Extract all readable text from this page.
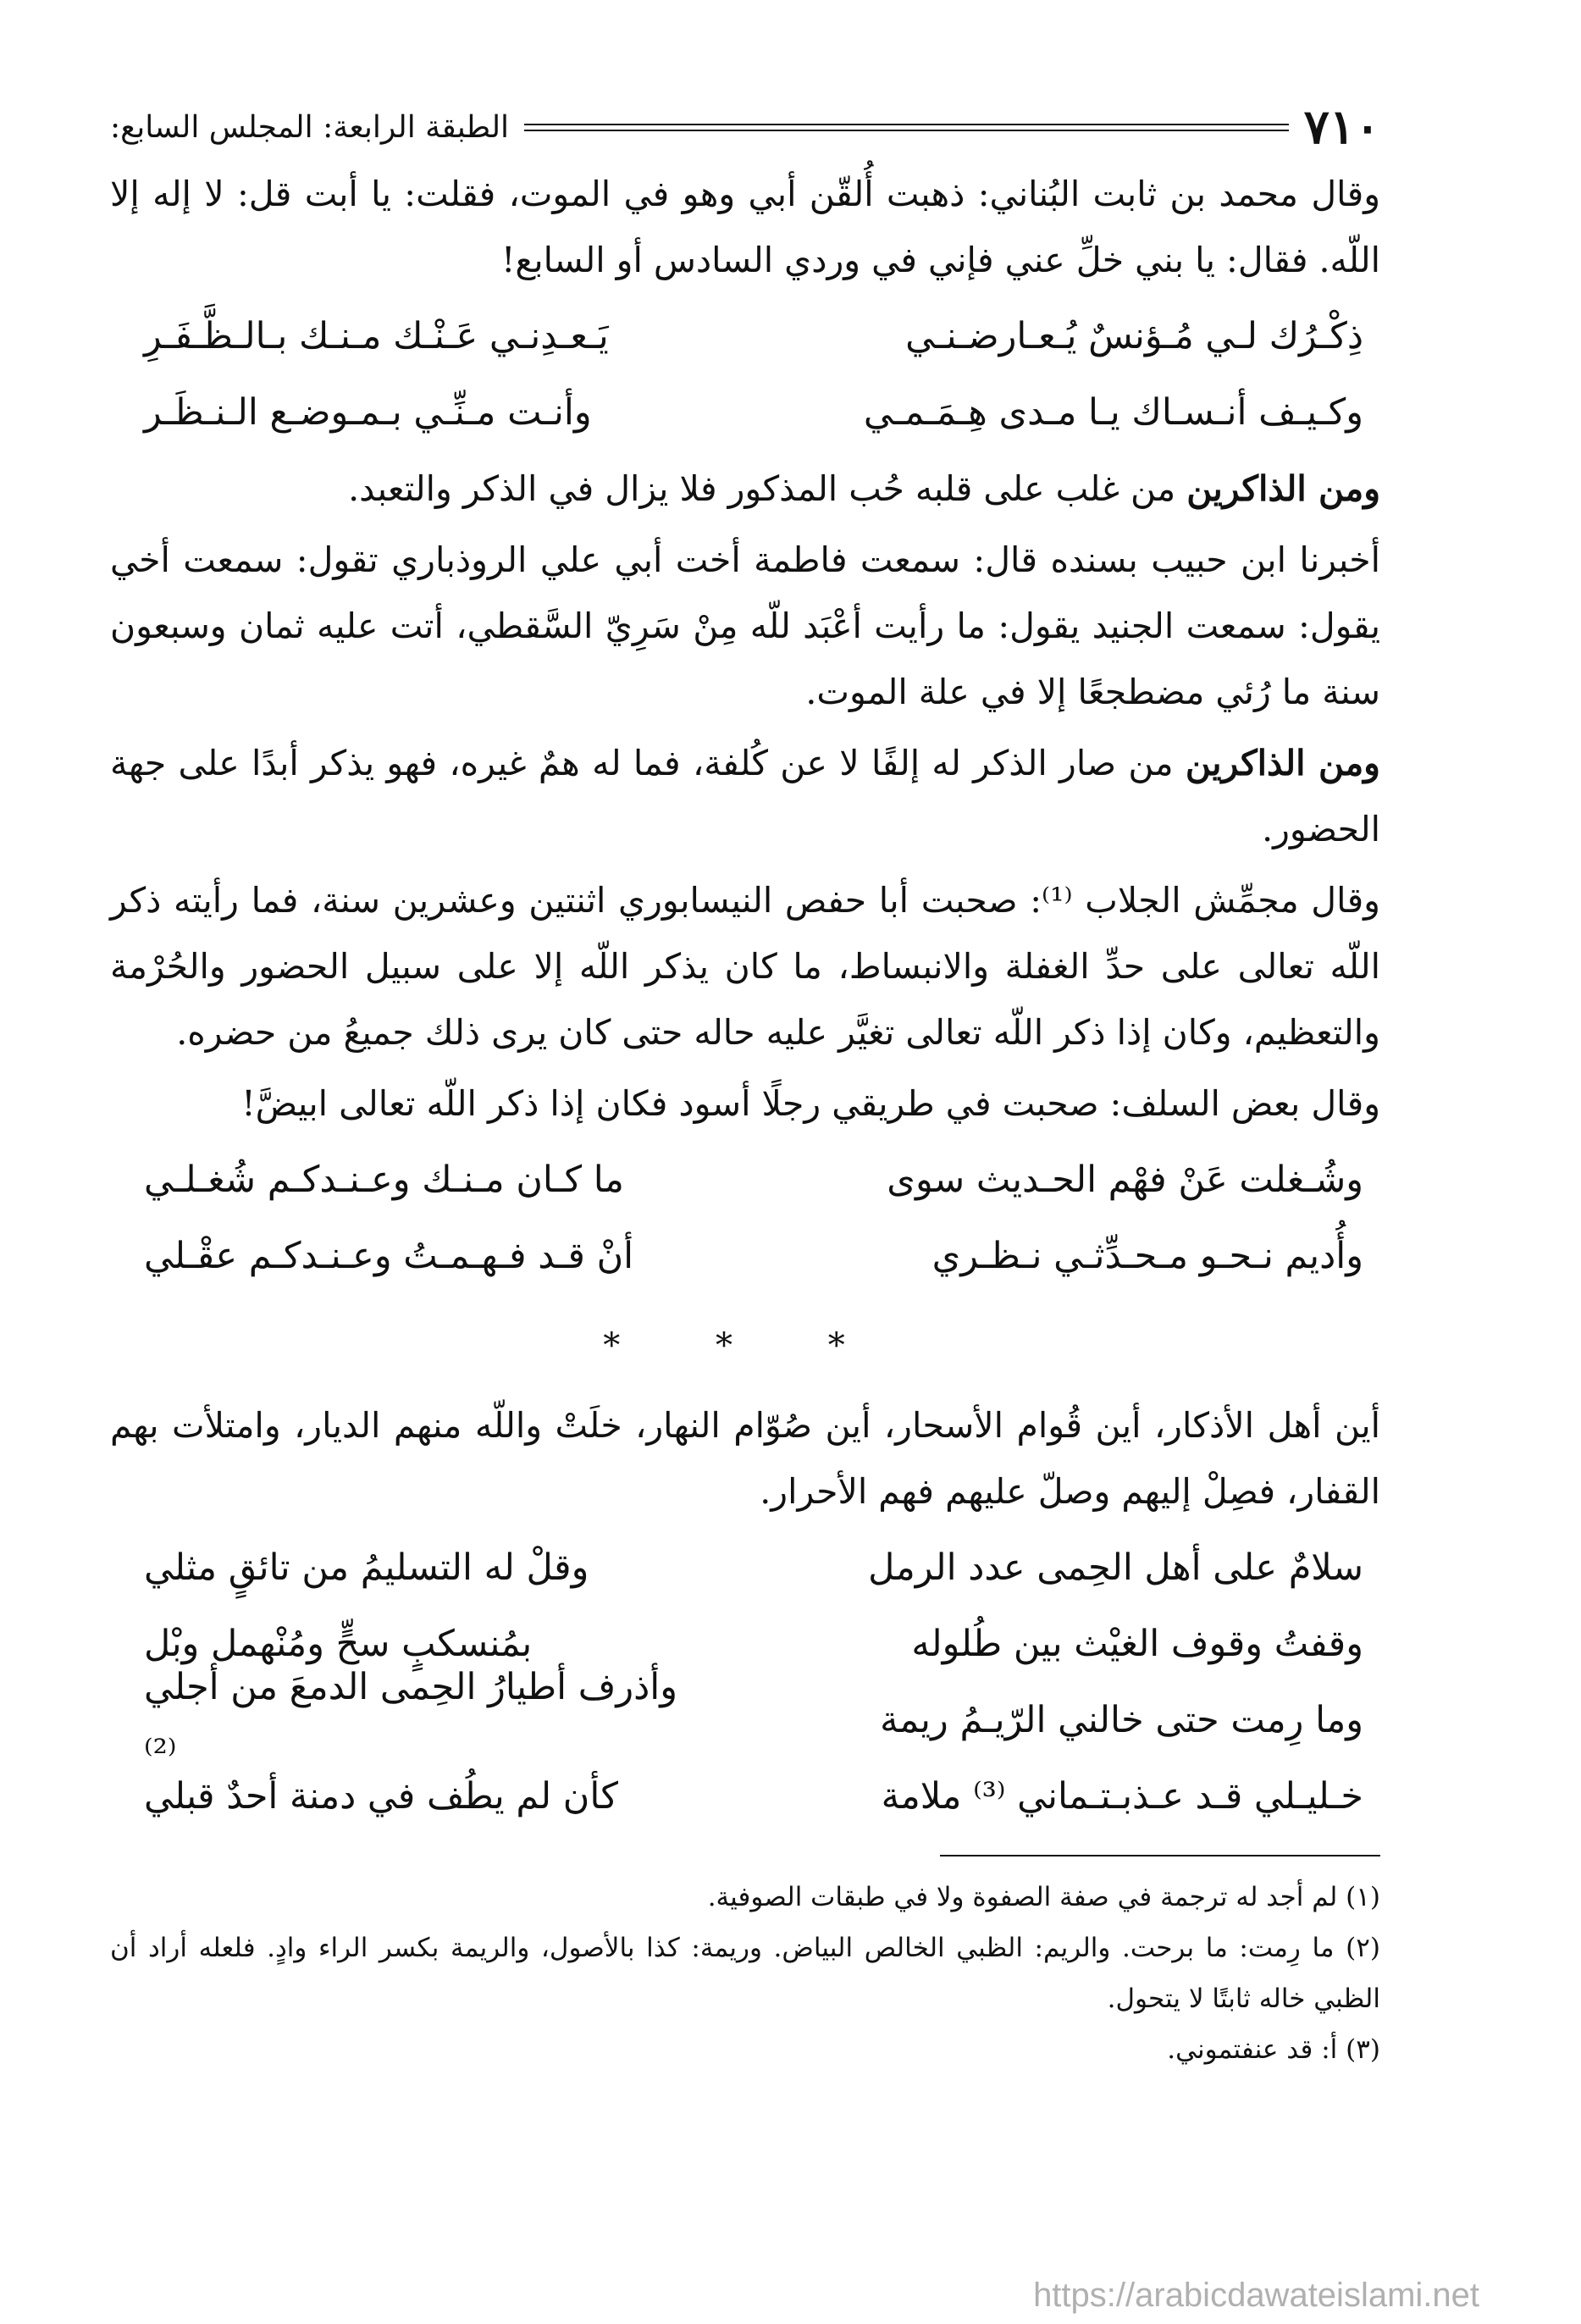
٧١٠
الطبقة الرابعة: المجلس السابع:

وقال محمد بن ثابت البُناني: ذهبت أُلقّن أبي وهو في الموت، فقلت: يا أبت قل: لا إله إلا اللّه. فقال: يا بني خلِّ عني فإني في وردي السادس أو السابع!

ذِكْـرُك لـي مُـؤنسٌ يُـعـارضـنـي
يَـعـدِنـي عَـنْـك مـنـك بـالـظَّـفَـرِ
وكـيـف أنـسـاك يـا مـدى هِـمَـمـي
وأنـت مـنِّـي بـمـوضـع الـنـظَـر

ومن الذاكرين من غلب على قلبه حُب المذكور فلا يزال في الذكر والتعبد.

أخبرنا ابن حبيب بسنده قال: سمعت فاطمة أخت أبي علي الروذباري تقول: سمعت أخي يقول: سمعت الجنيد يقول: ما رأيت أعْبَد للّه مِنْ سَرِيّ السَّقطي، أتت عليه ثمان وسبعون سنة ما رُئي مضطجعًا إلا في علة الموت.

ومن الذاكرين من صار الذكر له إلفًا لا عن كُلفة، فما له همٌ غيره، فهو يذكر أبدًا على جهة الحضور.

وقال مجمِّش الجلاب ⁽¹⁾: صحبت أبا حفص النيسابوري اثنتين وعشرين سنة، فما رأيته ذكر اللّه تعالى على حدِّ الغفلة والانبساط، ما كان يذكر اللّه إلا على سبيل الحضور والحُرْمة والتعظيم، وكان إذا ذكر اللّه تعالى تغيَّر عليه حاله حتى كان يرى ذلك جميعُ من حضره.

وقال بعض السلف: صحبت في طريقي رجلًا أسود فكان إذا ذكر اللّه تعالى ابيضَّ!

وشُـغلت عَنْ فهْم الحـديث سوى
ما كـان مـنـك وعـنـدكـم شُغـلـي
وأُديم نـحـو مـحـدِّثـي نـظـري
أنْ قـد فـهـمـتُ وعـنـدكـم عقْـلي
* * *

أين أهل الأذكار، أين قُوام الأسحار، أين صُوّام النهار، خلَتْ واللّه منهم الديار، وامتلأت بهم القفار، فصِلْ إليهم وصلّ عليهم فهم الأحرار.

سلامٌ على أهل الحِمى عدد الرمل
وقلْ له التسليمُ من تائقٍ مثلي
وقفتُ وقوف الغيْث بين طُلوله
بمُنسكبٍ سحٍّ ومُنْهمل وبْل
وما رِمت حتى خالني الرّيـمُ ريمة
وأذرف أطيارُ الحِمى الدمعَ من أجلي ⁽²⁾
خـليـلي قـد عـذبـتـماني ⁽³⁾ ملامة
كأن لم يطُف في دمنة أحدٌ قبلي

(١) لم أجد له ترجمة في صفة الصفوة ولا في طبقات الصوفية.

(٢) ما رِمت: ما برحت. والريم: الظبي الخالص البياض. وريمة: كذا بالأصول، والريمة بكسر الراء وادٍ. فلعله أراد أن الظبي خاله ثابتًا لا يتحول.

(٣) أ: قد عنفتموني.

https://arabicdawateislami.net
